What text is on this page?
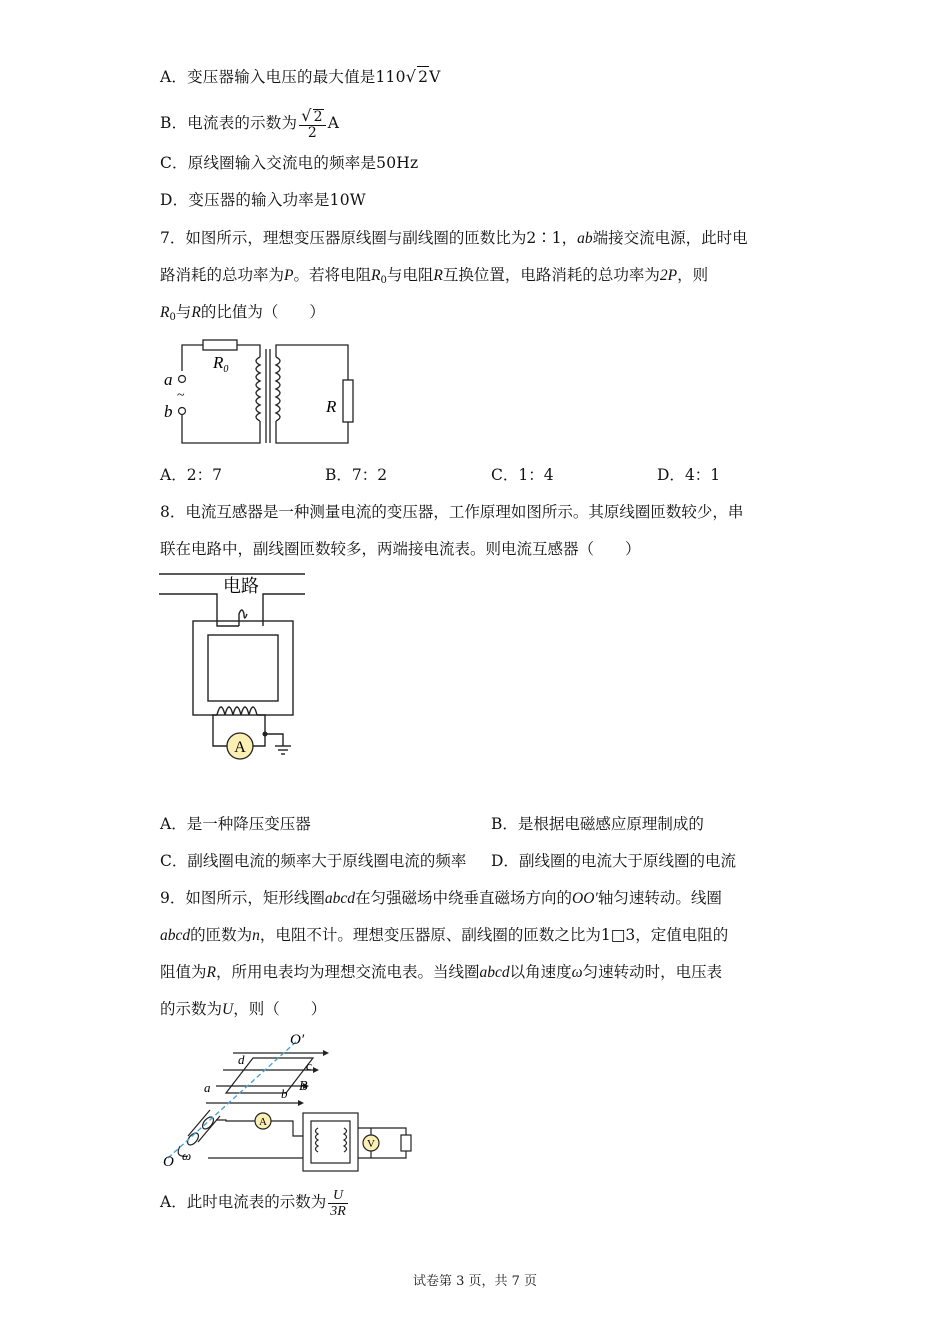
A．变压器输入电压的最大值是110√ 2V
B．电流表的示数为 $\frac{√ 2}{2}$ A
C．原线圈输入交流电的频率是50Hz
D．变压器的输入功率是10W
7．如图所示，理想变压器原线圈与副线圈的匝数比为2∶1，ab端接交流电源，此时电
路消耗的总功率为P。若将电阻$R_0$与电阻R互换位置，电路消耗的总功率为2P，则
$R_0$与R的比值为（　　）
$R_0$
a
~
b	R
A．2：7	B．7：2	C．1：4	D．4：1
8．电流互感器是一种测量电流的变压器，工作原理如图所示。其原线圈匝数较少，串
联在电路中，副线圈匝数较多，两端接电流表。则电流互感器（　　）
A
电路
A．是一种降压变压器	B．是根据电磁感应原理制成的
C．副线圈电流的频率大于原线圈电流的频率 D．副线圈的电流大于原线圈的电流
9．如图所示，矩形线圈abcd在匀强磁场中绕垂直磁场方向的OO′轴匀速转动。线圈
abcd的匝数为n，电阻不计。理想变压器原、副线圈的匝数之比为1□3，定值电阻的
阻值为R，所用电表均为理想交流电表。当线圈abcd以角速度ω匀速转动时，电压表
的示数为U，则（　　）
A
V
O′
O
d	c
a	b B
ω
A．此时电流表的示数为 $\frac{U}{3R}$
试卷第 3 页，共 7 页
